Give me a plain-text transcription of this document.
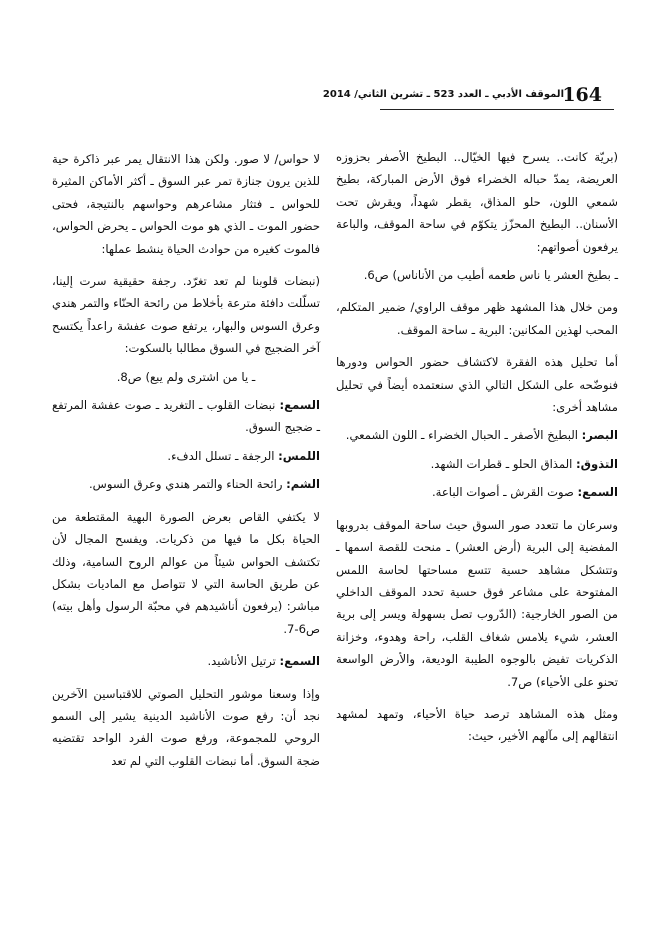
164
الموقف الأدبي ـ العدد 523 ـ تشرين الثاني/ 2014

(بريّة كانت.. يسرح فيها الخيّال.. البطيخ الأصفر بحزوزه العريضة، يمدّ حباله الخضراء فوق الأرض المباركة، بطيخ شمعي اللون، حلو المذاق، يقطر شهداً، ويقرش تحت الأسنان.. البطيخ المحزّز يتكوّم في ساحة الموقف، والباعة يرفعون أصواتهم:

ـ بطيخ العشر يا ناس طعمه أطيب من الأناناس) ص6.

ومن خلال هذا المشهد ظهر موقف الراوي/ ضمير المتكلم، المحب لهذين المكانين: البرية ـ ساحة الموقف.

أما تحليل هذه الفقرة لاكتشاف حضور الحواس ودورها فنوضّحه على الشكل التالي الذي سنعتمده أيضاً في تحليل مشاهد أخرى:

البصر: البطيخ الأصفر ـ الحبال الخضراء ـ اللون الشمعي.

التذوق: المذاق الحلو ـ قطرات الشهد.

السمع: صوت القرش ـ أصوات الباعة.

وسرعان ما تتعدد صور السوق حيث ساحة الموقف بدروبها المفضية إلى البرية (أرض العشر) ـ منحت للقصة اسمها ـ وتتشكل مشاهد حسية تتسع مساحتها لحاسة اللمس المفتوحة على مشاعر فوق حسية تحدد الموقف الداخلي من الصور الخارجية: (الدّروب تصل بسهولة ويسر إلى برية العشر، شيء يلامس شغاف القلب، راحة وهدوء، وخزانة الذكريات تفيض بالوجوه الطيبة الوديعة، والأرض الواسعة تحنو على الأحياء) ص7.

ومثل هذه المشاهد ترصد حياة الأحياء، وتمهد لمشهد انتقالهم إلى مآلهم الأخير، حيث:

لا حواس/ لا صور. ولكن هذا الانتقال يمر عبر ذاكرة حية للذين يرون جنازة تمر عبر السوق ـ أكثر الأماكن المثيرة للحواس ـ فتثار مشاعرهم وحواسهم بالنتيجة، فحتى حضور الموت ـ الذي هو موت الحواس ـ يحرض الحواس، فالموت كغيره من حوادث الحياة ينشط عملها:

(نبضات قلوبنا لم تعد تغرّد. رجفة حقيقية سرت إلينا، تسلّلت دافئة مترعة بأخلاط من رائحة الحنّاء والتمر هندي وعرق السوس والبهار، يرتفع صوت عفشة راعداً يكتسح آخر الضجيج في السوق مطالبا بالسكوت:

ـ يا من اشترى ولم يبع) ص8.

السمع: نبضات القلوب ـ التغريد ـ صوت عفشة المرتفع ـ ضجيج السوق.

اللمس: الرجفة ـ تسلل الدفء.

الشم: رائحة الحناء والتمر هندي وعرق السوس.

لا يكتفي القاص بعرض الصورة البهية المقتطعة من الحياة بكل ما فيها من ذكريات. ويفسح المجال لأن تكتشف الحواس شيئاً من عوالم الروح السامية، وذلك عن طريق الحاسة التي لا تتواصل مع الماديات بشكل مباشر: (يرفعون أناشيدهم في محبّة الرسول وأهل بيته) ص6-7.

السمع: ترتيل الأناشيد.

وإذا وسعنا موشور التحليل الصوتي للاقتباسين الآخرين نجد أن: رفع صوت الأناشيد الدينية يشير إلى السمو الروحي للمجموعة، ورفع صوت الفرد الواحد تقتضيه ضجة السوق. أما نبضات القلوب التي لم تعد
